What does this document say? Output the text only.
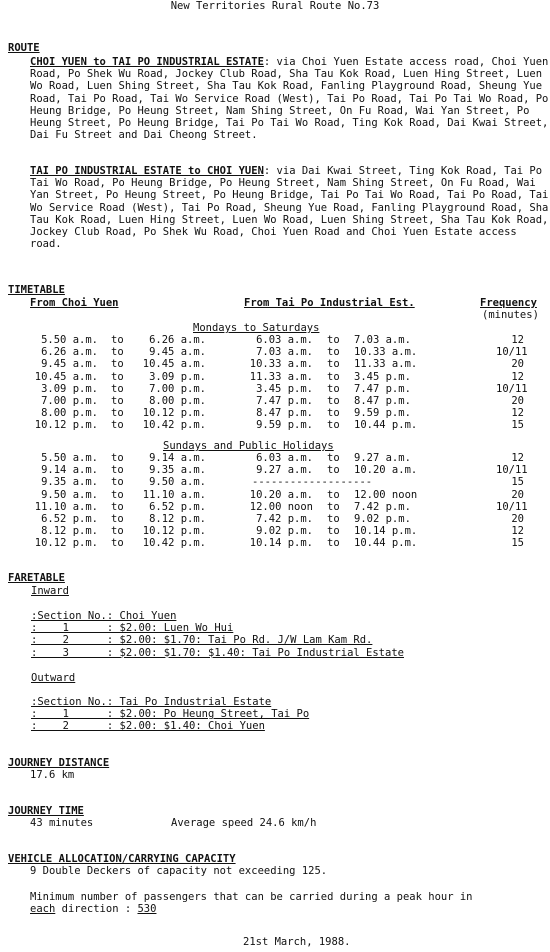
New Territories Rural Route No.73
ROUTE
CHOI YUEN to TAI PO INDUSTRIAL ESTATE: via Choi Yuen Estate access road, Choi Yuen Road, Po Shek Wu Road, Jockey Club Road, Sha Tau Kok Road, Luen Hing Street, Luen Wo Road, Luen Shing Street, Sha Tau Kok Road, Fanling Playground Road, Sheung Yue Road, Tai Po Road, Tai Wo Service Road (West), Tai Po Road, Tai Po Tai Wo Road, Po Heung Bridge, Po Heung Street, Nam Shing Street, On Fu Road, Wai Yan Street, Po Heung Street, Po Heung Bridge, Tai Po Tai Wo Road, Ting Kok Road, Dai Kwai Street, Dai Fu Street and Dai Cheong Street.
TAI PO INDUSTRIAL ESTATE to CHOI YUEN: via Dai Kwai Street, Ting Kok Road, Tai Po Tai Wo Road, Po Heung Bridge, Po Heung Street, Nam Shing Street, On Fu Road, Wai Yan Street, Po Heung Street, Po Heung Bridge, Tai Po Tai Wo Road, Tai Po Road, Tai Wo Service Road (West), Tai Po Road, Sheung Yue Road, Fanling Playground Road, Sha Tau Kok Road, Luen Hing Street, Luen Wo Road, Luen Shing Street, Sha Tau Kok Road, Jockey Club Road, Po Shek Wu Road, Choi Yuen Road and Choi Yuen Estate access road.
TIMETABLE
From Choi Yuen	From Tai Po Industrial Est.	Frequency
(minutes)
Mondays to Saturdays
5.50 a.m. to	6.26 a.m.	6.03 a.m. to 7.03 a.m.	12
6.26 a.m. to	9.45 a.m.	7.03 a.m. to 10.33 a.m.	10/11
9.45 a.m. to 10.45 a.m.	10.33 a.m. to 11.33 a.m.	20
10.45 a.m. to	3.09 p.m.	11.33 a.m. to 3.45 p.m.	12
3.09 p.m. to	7.00 p.m.	3.45 p.m. to 7.47 p.m.	10/11
7.00 p.m. to	8.00 p.m.	7.47 p.m. to 8.47 p.m.	20
8.00 p.m. to 10.12 p.m.	8.47 p.m. to 9.59 p.m.	12
10.12 p.m. to 10.42 p.m.	9.59 p.m. to 10.44 p.m.	15
Sundays and Public Holidays
5.50 a.m. to	9.14 a.m.	6.03 a.m. to 9.27 a.m.	12
9.14 a.m. to	9.35 a.m.	9.27 a.m. to 10.20 a.m.	10/11
9.35 a.m. to	9.50 a.m.	-------------------	15
9.50 a.m. to 11.10 a.m.	10.20 a.m. to 12.00 noon	20
11.10 a.m. to	6.52 p.m.	12.00 noon to 7.42 p.m.	10/11
6.52 p.m. to	8.12 p.m.	7.42 p.m. to 9.02 p.m.	20
8.12 p.m. to 10.12 p.m.	9.02 p.m. to 10.14 p.m.	12
10.12 p.m. to 10.42 p.m.	10.14 p.m. to 10.44 p.m.	15
FARETABLE
Inward
:Section No.: Choi Yuen
:    1      : $2.00: Luen Wo Hui
:    2      : $2.00: $1.70: Tai Po Rd. J/W Lam Kam Rd.
:    3      : $2.00: $1.70: $1.40: Tai Po Industrial Estate
Outward
:Section No.: Tai Po Industrial Estate
:    1      : $2.00: Po Heung Street, Tai Po
:    2      : $2.00: $1.40: Choi Yuen
JOURNEY DISTANCE
17.6 km
JOURNEY TIME
43 minutes	Average speed 24.6 km/h
VEHICLE ALLOCATION/CARRYING CAPACITY
9 Double Deckers of capacity not exceeding 125.
Minimum number of passengers that can be carried during a peak hour in
each direction : 530
21st March, 1988.
